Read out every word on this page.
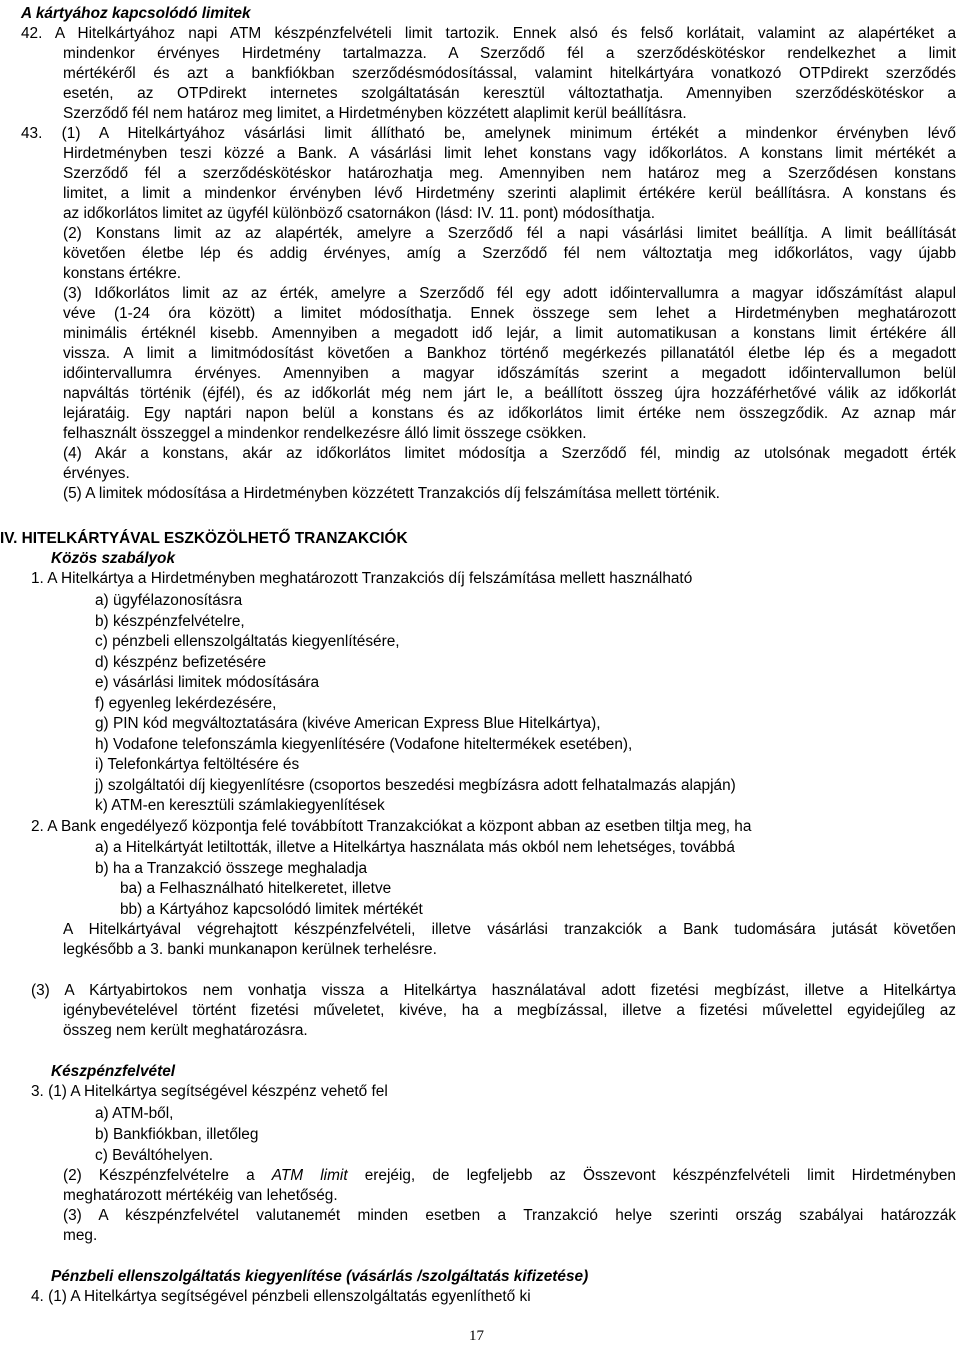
A kártyához kapcsolódó limitek
42. A Hitelkártyához napi ATM készpénzfelvételi limit tartozik. Ennek alsó és felső korlátait, valamint az alapértéket a
mindenkor érvényes Hirdetmény tartalmazza. A Szerződő fél a szerződéskötéskor rendelkezhet a limit
mértékéről és azt a bankfiókban szerződésmódosítással, valamint hitelkártyára vonatkozó OTPdirekt szerződés
esetén, az OTPdirekt internetes szolgáltatásán keresztül változtathatja. Amennyiben szerződéskötéskor a
Szerződő fél nem határoz meg limitet, a Hirdetményben közzétett alaplimit kerül beállításra.
43. (1) A Hitelkártyához vásárlási limit állítható be, amelynek minimum értékét a mindenkor érvényben lévő
Hirdetményben teszi közzé a Bank. A vásárlási limit lehet konstans vagy időkorlátos. A konstans limit mértékét a
Szerződő fél a szerződéskötéskor határozhatja meg. Amennyiben nem határoz meg a Szerződésen konstans
limitet, a limit a mindenkor érvényben lévő Hirdetmény szerinti alaplimit értékére kerül beállításra. A konstans és
az időkorlátos limitet az ügyfél különböző csatornákon (lásd: IV. 11. pont) módosíthatja.
(2) Konstans limit az az alapérték, amelyre a Szerződő fél a napi vásárlási limitet beállítja. A limit beállítását
követően életbe lép és addig érvényes, amíg a Szerződő fél nem változtatja meg időkorlátos, vagy újabb
konstans értékre.
(3) Időkorlátos limit az az érték, amelyre a Szerződő fél egy adott időintervallumra a magyar időszámítást alapul
véve (1-24 óra között) a limitet módosíthatja. Ennek összege sem lehet a Hirdetményben meghatározott
minimális értéknél kisebb. Amennyiben a megadott idő lejár, a limit automatikusan a konstans limit értékére áll
vissza. A limit a limitmódosítást követően a Bankhoz történő megérkezés pillanatától életbe lép és a megadott
időintervallumra érvényes. Amennyiben a magyar időszámítás szerint a megadott időintervallumon belül
napváltás történik (éjfél), és az időkorlát még nem járt le, a beállított összeg újra hozzáférhetővé válik az időkorlát
lejáratáig. Egy naptári napon belül a konstans és az időkorlátos limit értéke nem összegződik. Az aznap már
felhasznált összeggel a mindenkor rendelkezésre álló limit összege csökken.
(4) Akár a konstans, akár az időkorlátos limitet módosítja a Szerződő fél, mindig az utolsónak megadott érték
érvényes.
(5) A limitek módosítása a Hirdetményben közzétett Tranzakciós díj felszámítása mellett történik.
IV. HITELKÁRTYÁVAL ESZKÖZÖLHETŐ TRANZAKCIÓK
Közös szabályok
1. A Hitelkártya a Hirdetményben meghatározott Tranzakciós díj felszámítása mellett használható
a) ügyfélazonosításra
b) készpénzfelvételre,
c) pénzbeli ellenszolgáltatás kiegyenlítésére,
d) készpénz befizetésére
e) vásárlási limitek módosítására
f) egyenleg lekérdezésére,
g) PIN kód megváltoztatására (kivéve American Express Blue Hitelkártya),
h) Vodafone telefonszámla kiegyenlítésére (Vodafone hiteltermékek esetében),
i) Telefonkártya feltöltésére és
j) szolgáltatói díj kiegyenlítésre (csoportos beszedési megbízásra adott felhatalmazás alapján)
k) ATM-en keresztüli számlakiegyenlítések
2. A Bank engedélyező központja felé továbbított Tranzakciókat a központ abban az esetben tiltja meg, ha
a) a Hitelkártyát letiltották, illetve a Hitelkártya használata más okból nem lehetséges, továbbá
b) ha a Tranzakció összege meghaladja
ba) a Felhasználható hitelkeretet, illetve
bb) a Kártyához kapcsolódó limitek mértékét
A Hitelkártyával végrehajtott készpénzfelvételi, illetve vásárlási tranzakciók a Bank tudomására jutását követően
legkésőbb a 3. banki munkanapon kerülnek terhelésre.
(3) A Kártyabirtokos nem vonhatja vissza a Hitelkártya használatával adott fizetési megbízást, illetve a Hitelkártya
igénybevételével történt fizetési műveletet, kivéve, ha a megbízással, illetve a fizetési művelettel egyidejűleg az
összeg nem került meghatározásra.
Készpénzfelvétel
3. (1) A Hitelkártya segítségével készpénz vehető fel
a) ATM-ből,
b) Bankfiókban, illetőleg
c) Beváltóhelyen.
(2) Készpénzfelvételre a ATM limit erejéig, de legfeljebb az Összevont készpénzfelvételi limit Hirdetményben
meghatározott mértékéig van lehetőség.
(3) A készpénzfelvétel valutanemét minden esetben a Tranzakció helye szerinti ország szabályai határozzák
meg.
Pénzbeli ellenszolgáltatás kiegyenlítése (vásárlás /szolgáltatás kifizetése)
4. (1) A Hitelkártya segítségével pénzbeli ellenszolgáltatás egyenlíthető ki
17
